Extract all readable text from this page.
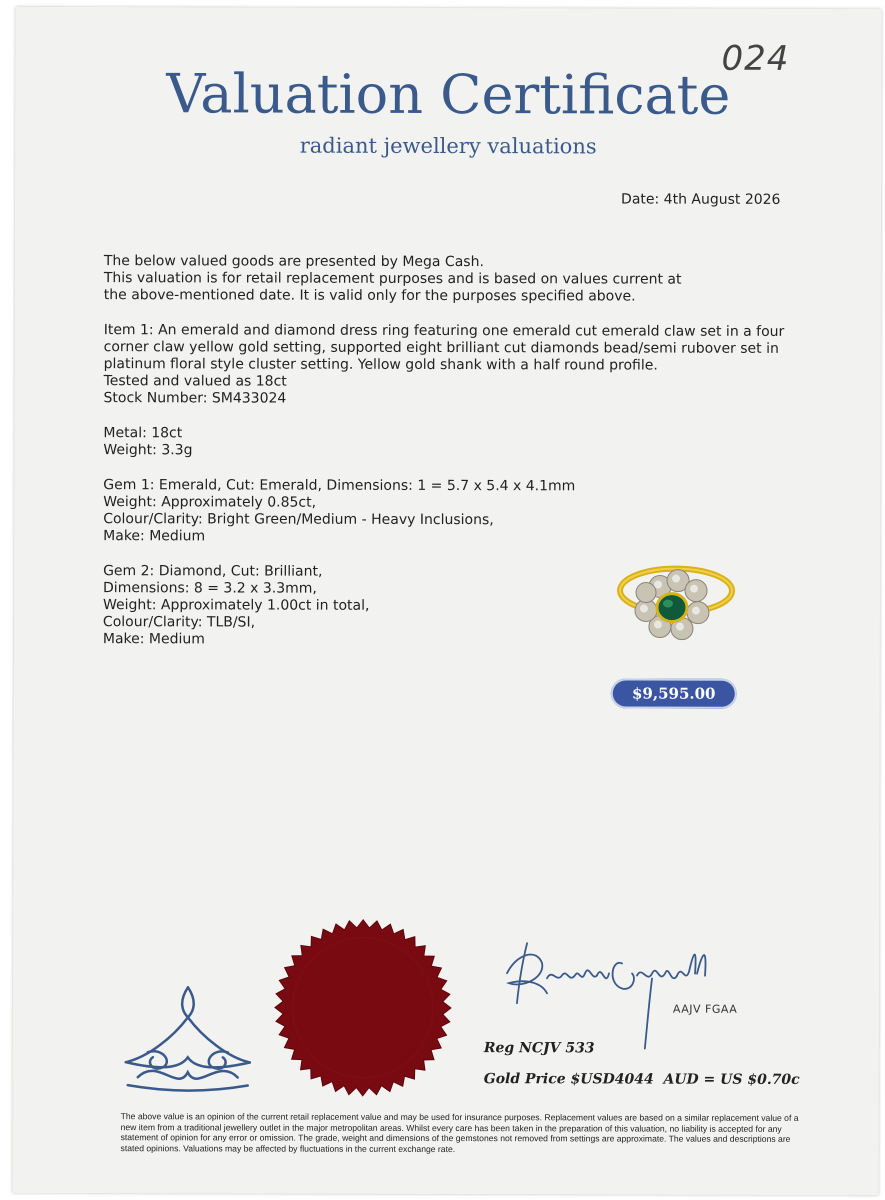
024
Valuation Certificate
radiant jewellery valuations
Date: 4th August 2026

The below valued goods are presented by Mega Cash.
This valuation is for retail replacement purposes and is based on values current at
the above-mentioned date. It is valid only for the purposes specified above.

Item 1: An emerald and diamond dress ring featuring one emerald cut emerald claw set in a four
corner claw yellow gold setting, supported eight brilliant cut diamonds bead/semi rubover set in
platinum floral style cluster setting. Yellow gold shank with a half round profile.
Tested and valued as 18ct
Stock Number: SM433024

Metal: 18ct
Weight: 3.3g

Gem 1: Emerald, Cut: Emerald, Dimensions: 1 = 5.7 x 5.4 x 4.1mm
Weight: Approximately 0.85ct,
Colour/Clarity: Bright Green/Medium - Heavy Inclusions,
Make: Medium

Gem 2: Diamond, Cut: Brilliant,
Dimensions: 8 = 3.2 x 3.3mm,
Weight: Approximately 1.00ct in total,
Colour/Clarity: TLB/SI,
Make: Medium

$9,595.00
AAJV FGAA
Reg NCJV 533
Gold Price $USD4044  AUD = US $0.70c
The above value is an opinion of the current retail replacement value and may be used for insurance purposes. Replacement values are based on a similar replacement value of a new item from a traditional jewellery outlet in the major metropolitan areas. Whilst every care has been taken in the preparation of this valuation, no liability is accepted for any statement of opinion for any error or omission. The grade, weight and dimensions of the gemstones not removed from settings are approximate. The values and descriptions are stated opinions. Valuations may be affected by fluctuations in the current exchange rate.
